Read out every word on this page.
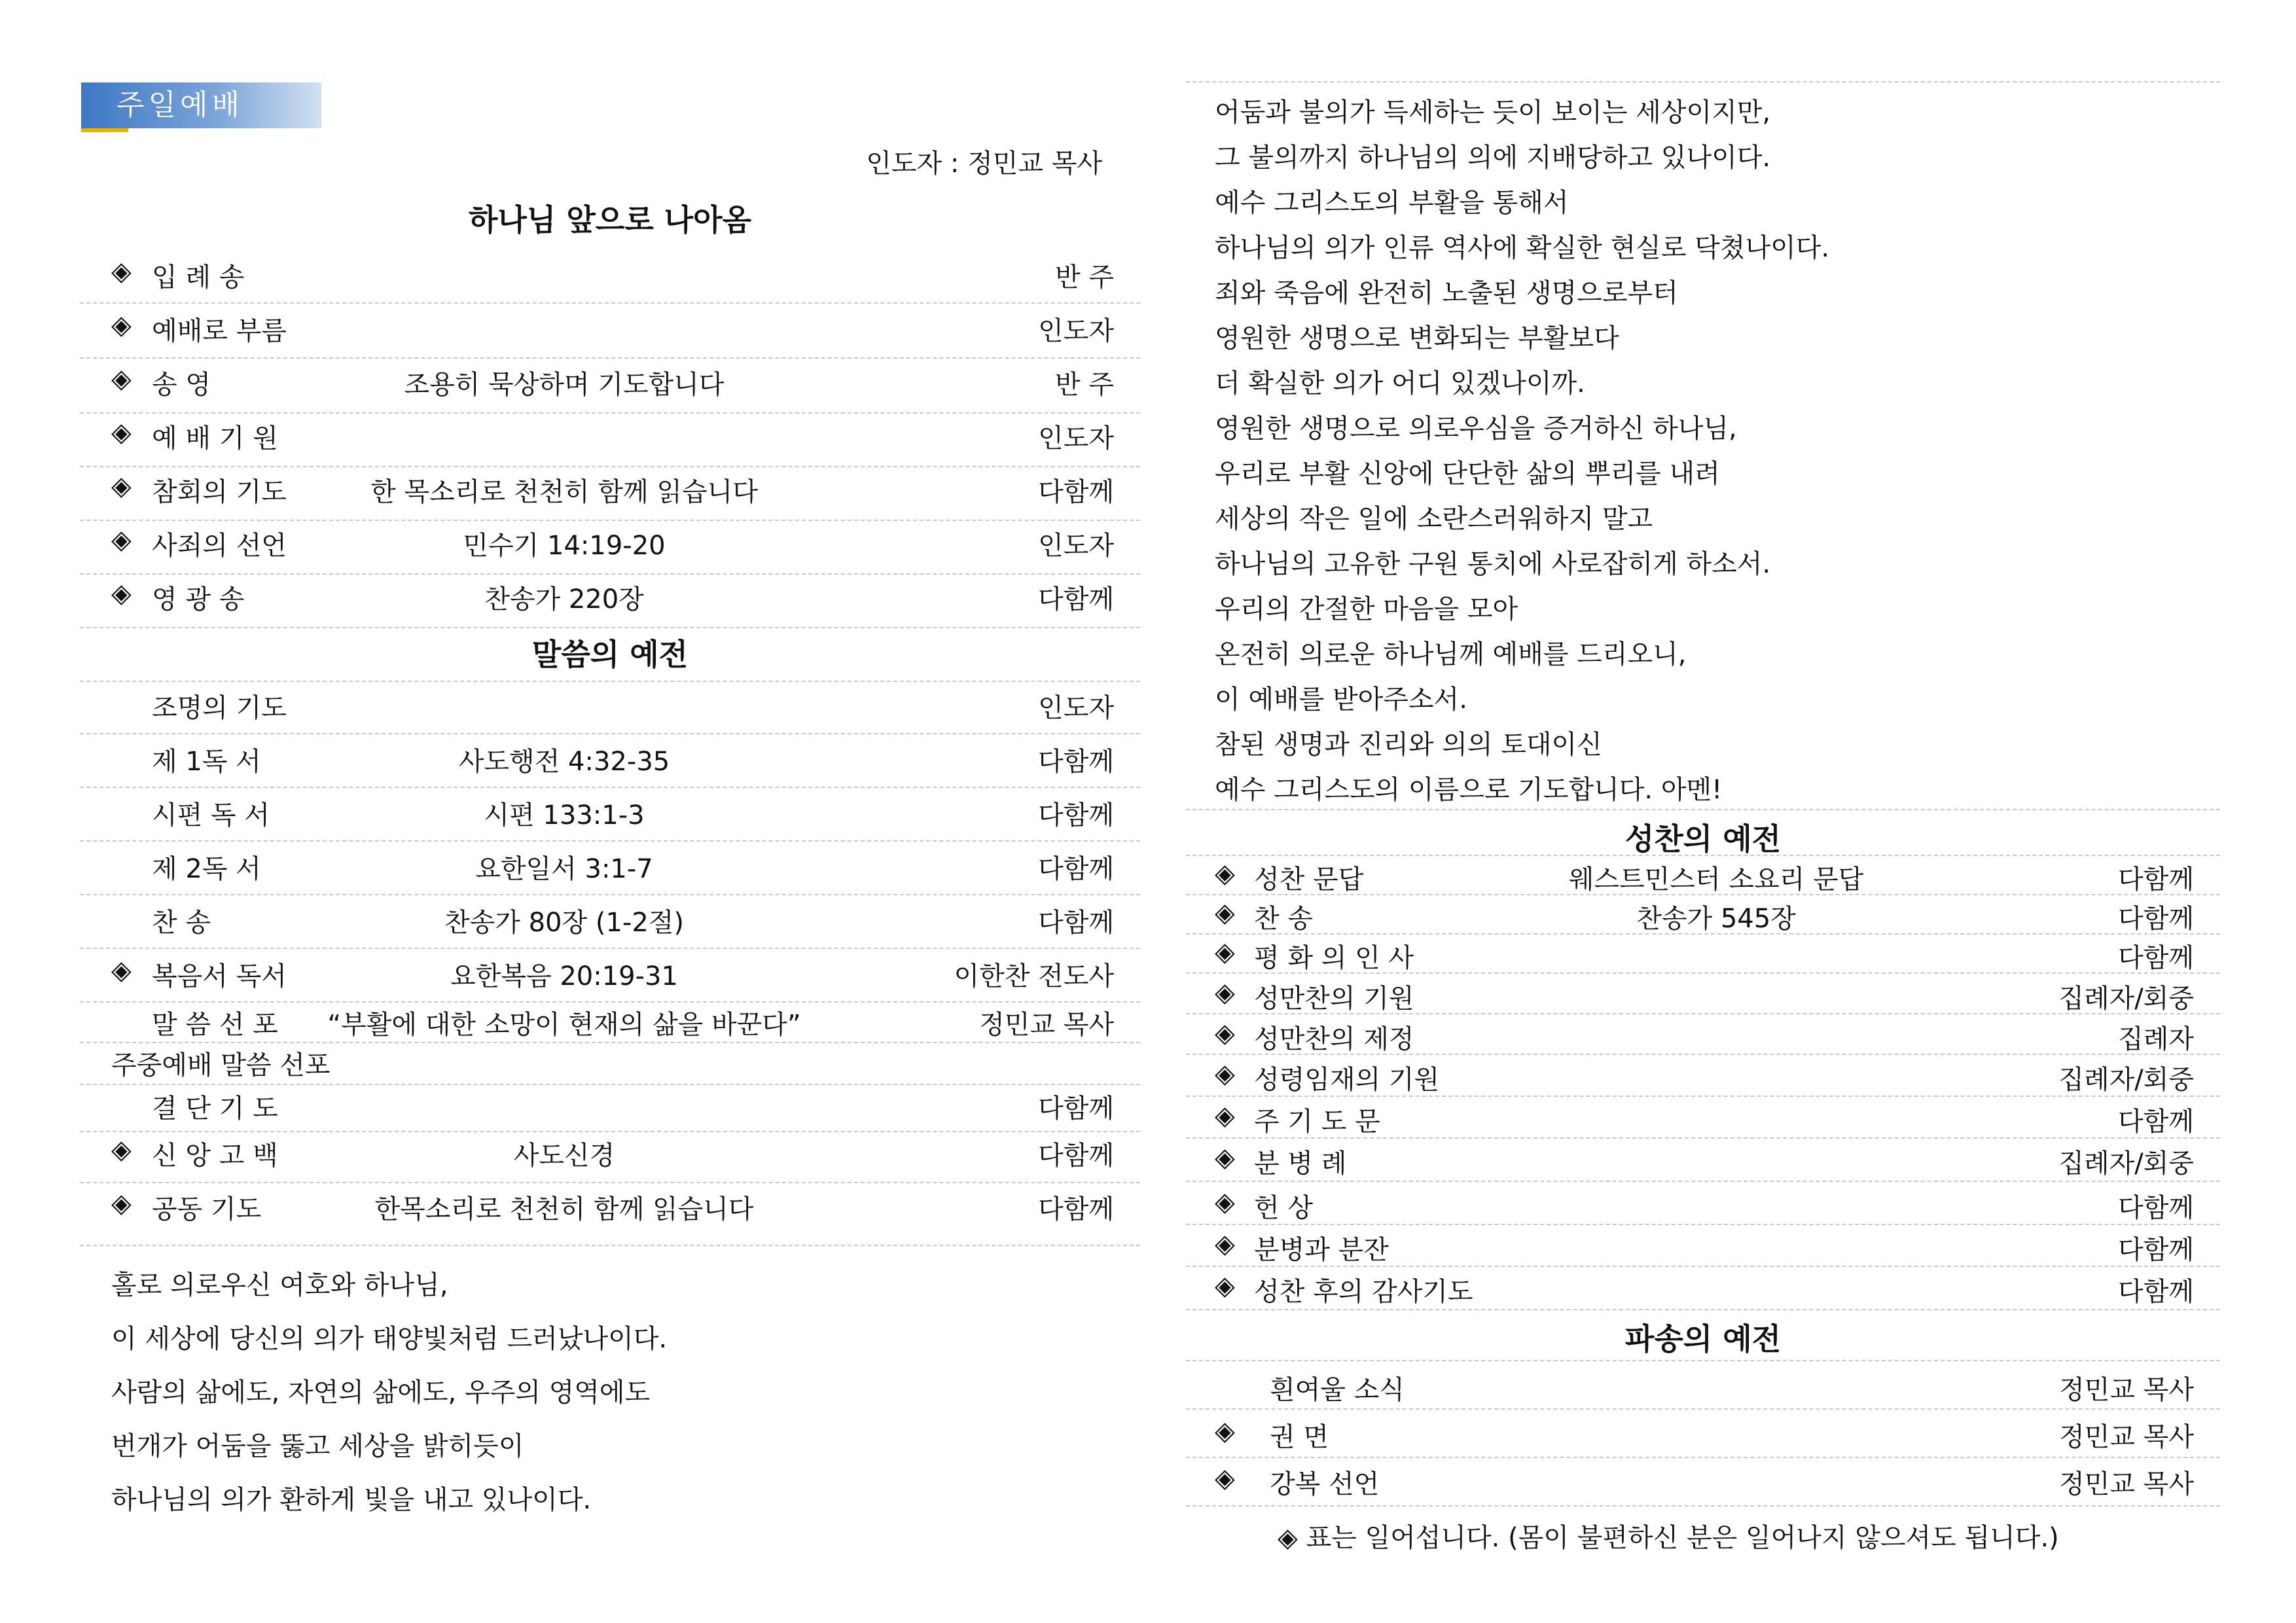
주일예배
인도자 : 정민교 목사
하나님 앞으로 나아옴
◈ 입 례 송	반 주
◈ 예배로 부름	인도자
◈ 송 영	조용히 묵상하며 기도합니다	반 주
◈ 예 배 기 원	인도자
◈ 참회의 기도	한 목소리로 천천히 함께 읽습니다	다함께
◈ 사죄의 선언	민수기 14:19-20	인도자
◈ 영 광 송	찬송가 220장	다함께
말씀의 예전
조명의 기도	인도자
제 1독 서	사도행전 4:32-35	다함께
시편 독 서	시편 133:1-3	다함께
제 2독 서	요한일서 3:1-7	다함께
찬 송	찬송가 80장 (1-2절)	다함께
◈ 복음서 독서	요한복음 20:19-31	이한찬 전도사
말 씀 선 포	“부활에 대한 소망이 현재의 삶을 바꾼다”	정민교 목사
주중예배 말씀 선포
결 단 기 도	다함께
◈ 신 앙 고 백	사도신경	다함께
◈ 공동 기도	한목소리로 천천히 함께 읽습니다	다함께
홀로 의로우신 여호와 하나님,
이 세상에 당신의 의가 태양빛처럼 드러났나이다.
사람의 삶에도, 자연의 삶에도, 우주의 영역에도
번개가 어둠을 뚫고 세상을 밝히듯이
하나님의 의가 환하게 빛을 내고 있나이다.
어둠과 불의가 득세하는 듯이 보이는 세상이지만,
그 불의까지 하나님의 의에 지배당하고 있나이다.
예수 그리스도의 부활을 통해서
하나님의 의가 인류 역사에 확실한 현실로 닥쳤나이다.
죄와 죽음에 완전히 노출된 생명으로부터
영원한 생명으로 변화되는 부활보다
더 확실한 의가 어디 있겠나이까.
영원한 생명으로 의로우심을 증거하신 하나님,
우리로 부활 신앙에 단단한 삶의 뿌리를 내려
세상의 작은 일에 소란스러워하지 말고
하나님의 고유한 구원 통치에 사로잡히게 하소서.
우리의 간절한 마음을 모아
온전히 의로운 하나님께 예배를 드리오니,
이 예배를 받아주소서.
참된 생명과 진리와 의의 토대이신
예수 그리스도의 이름으로 기도합니다. 아멘!
성찬의 예전
◈ 성찬 문답	웨스트민스터 소요리 문답	다함께
◈ 찬 송	찬송가 545장	다함께
◈ 평 화 의 인 사	다함께
◈ 성만찬의 기원	집례자/회중
◈ 성만찬의 제정	집례자
◈ 성령임재의 기원	집례자/회중
◈ 주 기 도 문	다함께
◈ 분 병 례	집례자/회중
◈ 헌 상	다함께
◈ 분병과 분잔	다함께
◈ 성찬 후의 감사기도	다함께
파송의 예전
흰여울 소식	정민교 목사
◈ 권 면	정민교 목사
◈ 강복 선언	정민교 목사
◈ 표는 일어섭니다. (몸이 불편하신 분은 일어나지 않으셔도 됩니다.)
